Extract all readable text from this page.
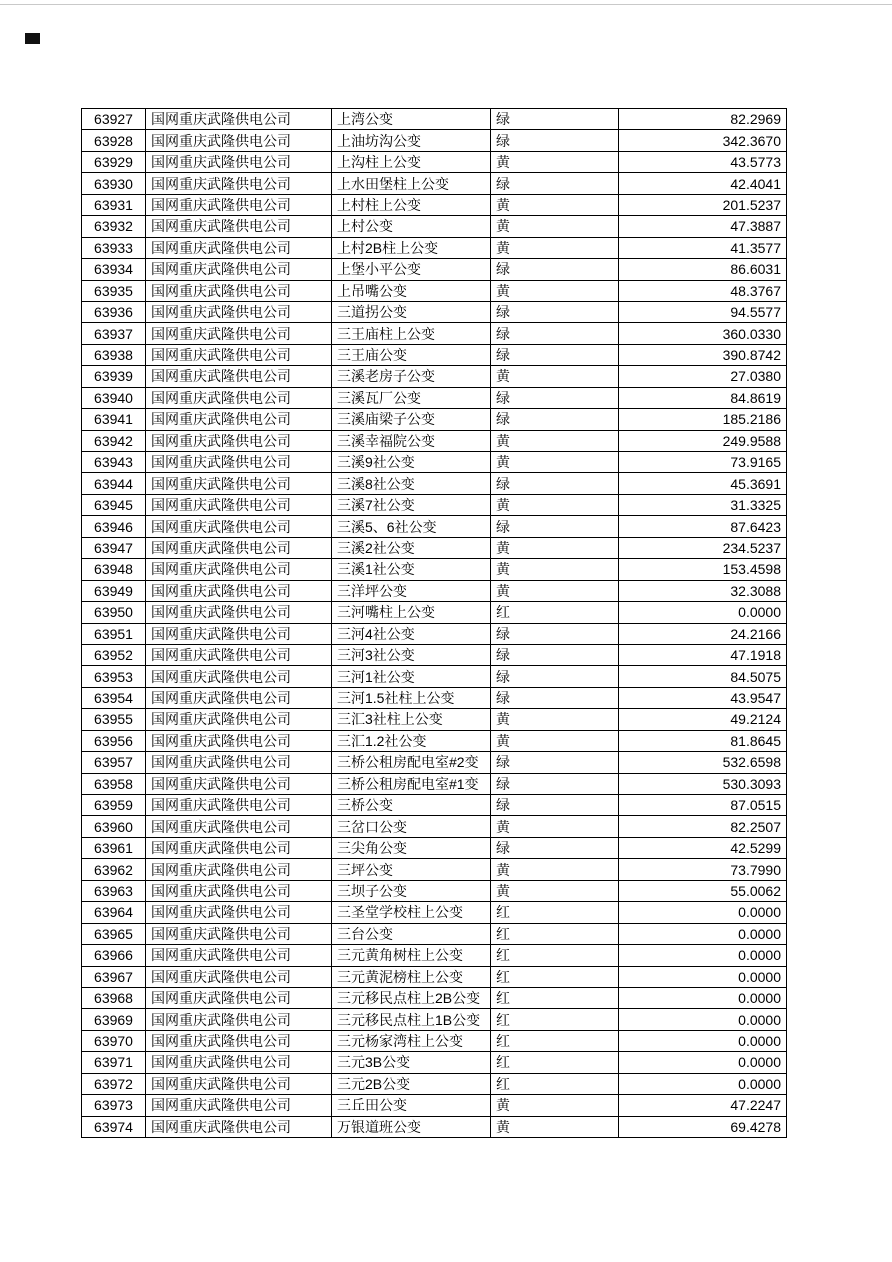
63927	国网重庆武隆供电公司	上湾公变	绿	82.2969
63928	国网重庆武隆供电公司	上油坊沟公变	绿	342.3670
63929	国网重庆武隆供电公司	上沟柱上公变	黄	43.5773
63930	国网重庆武隆供电公司	上水田堡柱上公变	绿	42.4041
63931	国网重庆武隆供电公司	上村柱上公变	黄	201.5237
63932	国网重庆武隆供电公司	上村公变	黄	47.3887
63933	国网重庆武隆供电公司	上村2B柱上公变	黄	41.3577
63934	国网重庆武隆供电公司	上堡小平公变	绿	86.6031
63935	国网重庆武隆供电公司	上吊嘴公变	黄	48.3767
63936	国网重庆武隆供电公司	三道拐公变	绿	94.5577
63937	国网重庆武隆供电公司	三王庙柱上公变	绿	360.0330
63938	国网重庆武隆供电公司	三王庙公变	绿	390.8742
63939	国网重庆武隆供电公司	三溪老房子公变	黄	27.0380
63940	国网重庆武隆供电公司	三溪瓦厂公变	绿	84.8619
63941	国网重庆武隆供电公司	三溪庙梁子公变	绿	185.2186
63942	国网重庆武隆供电公司	三溪幸福院公变	黄	249.9588
63943	国网重庆武隆供电公司	三溪9社公变	黄	73.9165
63944	国网重庆武隆供电公司	三溪8社公变	绿	45.3691
63945	国网重庆武隆供电公司	三溪7社公变	黄	31.3325
63946	国网重庆武隆供电公司	三溪5、6社公变	绿	87.6423
63947	国网重庆武隆供电公司	三溪2社公变	黄	234.5237
63948	国网重庆武隆供电公司	三溪1社公变	黄	153.4598
63949	国网重庆武隆供电公司	三洋坪公变	黄	32.3088
63950	国网重庆武隆供电公司	三河嘴柱上公变	红	0.0000
63951	国网重庆武隆供电公司	三河4社公变	绿	24.2166
63952	国网重庆武隆供电公司	三河3社公变	绿	47.1918
63953	国网重庆武隆供电公司	三河1社公变	绿	84.5075
63954	国网重庆武隆供电公司	三河1.5社柱上公变	绿	43.9547
63955	国网重庆武隆供电公司	三汇3社柱上公变	黄	49.2124
63956	国网重庆武隆供电公司	三汇1.2社公变	黄	81.8645
63957	国网重庆武隆供电公司	三桥公租房配电室#2变	绿	532.6598
63958	国网重庆武隆供电公司	三桥公租房配电室#1变	绿	530.3093
63959	国网重庆武隆供电公司	三桥公变	绿	87.0515
63960	国网重庆武隆供电公司	三岔口公变	黄	82.2507
63961	国网重庆武隆供电公司	三尖角公变	绿	42.5299
63962	国网重庆武隆供电公司	三坪公变	黄	73.7990
63963	国网重庆武隆供电公司	三坝子公变	黄	55.0062
63964	国网重庆武隆供电公司	三圣堂学校柱上公变	红	0.0000
63965	国网重庆武隆供电公司	三台公变	红	0.0000
63966	国网重庆武隆供电公司	三元黄角树柱上公变	红	0.0000
63967	国网重庆武隆供电公司	三元黄泥榜柱上公变	红	0.0000
63968	国网重庆武隆供电公司	三元移民点柱上2B公变	红	0.0000
63969	国网重庆武隆供电公司	三元移民点柱上1B公变	红	0.0000
63970	国网重庆武隆供电公司	三元杨家湾柱上公变	红	0.0000
63971	国网重庆武隆供电公司	三元3B公变	红	0.0000
63972	国网重庆武隆供电公司	三元2B公变	红	0.0000
63973	国网重庆武隆供电公司	三丘田公变	黄	47.2247
63974	国网重庆武隆供电公司	万银道班公变	黄	69.4278
